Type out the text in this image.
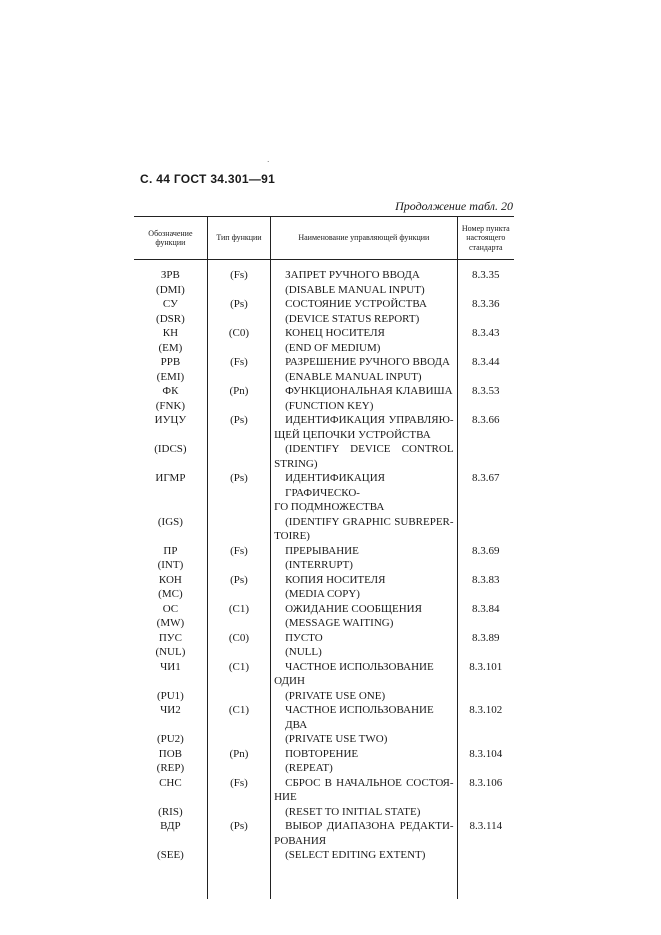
С. 44 ГОСТ 34.301—91
Продолжение табл. 20
·
Обозначение функции	Тип функции	Наименование управляющей функции	Номер пункта настоящего стандарта
ЗРВ	(Fs)	ЗАПРЕТ РУЧНОГО ВВОДА	8.3.35
(DMI)		(DISABLE MANUAL INPUT)	
СУ	(Ps)	СОСТОЯНИЕ УСТРОЙСТВА	8.3.36
(DSR)		(DEVICE STATUS REPORT)	
КН	(C0)	КОНЕЦ НОСИТЕЛЯ	8.3.43
(EM)		(END OF MEDIUM)	
РРВ	(Fs)	РАЗРЕШЕНИЕ РУЧНОГО ВВОДА	8.3.44
(EMI)		(ENABLE MANUAL INPUT)	
ФК	(Pn)	ФУНКЦИОНАЛЬНАЯ КЛАВИША	8.3.53
(FNK)		(FUNCTION KEY)	
ИУЦУ	(Ps)	ИДЕНТИФИКАЦИЯ УПРАВЛЯЮ-	8.3.66
		ЩЕЙ ЦЕПОЧКИ УСТРОЙСТВА	
(IDCS)		(IDENTIFY DEVICE CONTROL	
		STRING)	
ИГМР	(Ps)	ИДЕНТИФИКАЦИЯ ГРАФИЧЕСКО-	8.3.67
		ГО ПОДМНОЖЕСТВА	
(IGS)		(IDENTIFY GRAPHIC SUBREPER-	
		TOIRE)	
ПР	(Fs)	ПРЕРЫВАНИЕ	8.3.69
(INT)		(INTERRUPT)	
КОН	(Ps)	КОПИЯ НОСИТЕЛЯ	8.3.83
(MC)		(MEDIA COPY)	
ОС	(C1)	ОЖИДАНИЕ СООБЩЕНИЯ	8.3.84
(MW)		(MESSAGE WAITING)	
ПУС	(C0)	ПУСТО	8.3.89
(NUL)		(NULL)	
ЧИ1	(C1)	ЧАСТНОЕ ИСПОЛЬЗОВАНИЕ	8.3.101
		ОДИН	
(PU1)		(PRIVATE USE ONE)	
ЧИ2	(C1)	ЧАСТНОЕ ИСПОЛЬЗОВАНИЕ ДВА	8.3.102
(PU2)		(PRIVATE USE TWO)	
ПОВ	(Pn)	ПОВТОРЕНИЕ	8.3.104
(REP)		(REPEAT)	
СНС	(Fs)	СБРОС В НАЧАЛЬНОЕ СОСТОЯ-	8.3.106
		НИЕ	
(RIS)		(RESET TO INITIAL STATE)	
ВДР	(Ps)	ВЫБОР ДИАПАЗОНА РЕДАКТИ-	8.3.114
		РОВАНИЯ	
(SEE)		(SELECT EDITING EXTENT)	
